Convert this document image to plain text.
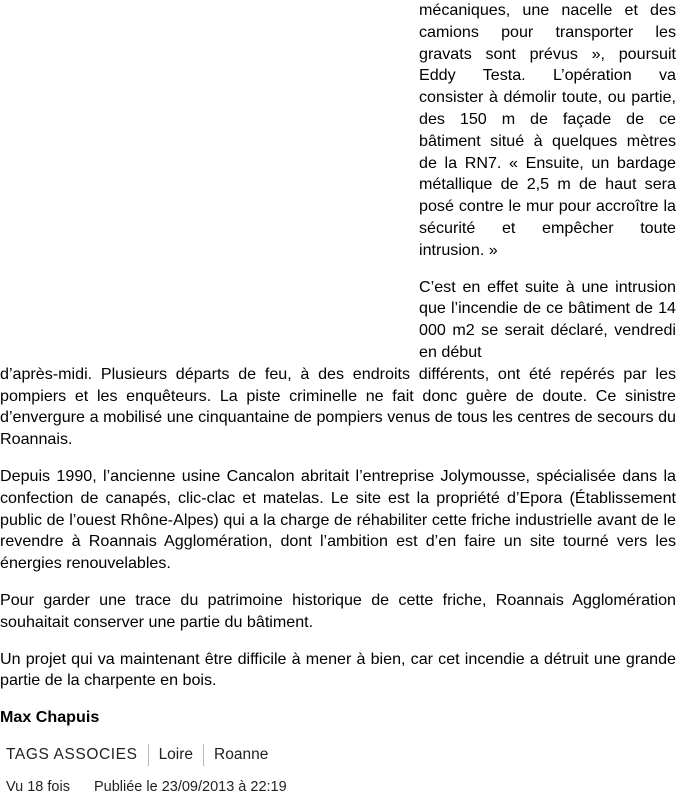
mécaniques, une nacelle et des camions pour transporter les gravats sont prévus », poursuit Eddy Testa. L’opération va consister à démolir toute, ou partie, des 150 m de façade de ce bâtiment situé à quelques mètres de la RN7. « Ensuite, un bardage métallique de 2,5 m de haut sera posé contre le mur pour accroître la sécurité et empêcher toute intrusion. »

C’est en effet suite à une intrusion que l’incendie de ce bâtiment de 14 000 m2 se serait déclaré, vendredi en début

d’après-midi. Plusieurs départs de feu, à des endroits différents, ont été repérés par les pompiers et les enquêteurs. La piste criminelle ne fait donc guère de doute. Ce sinistre d’envergure a mobilisé une cinquantaine de pompiers venus de tous les centres de secours du Roannais.

Depuis 1990, l’ancienne usine Cancalon abritait l’entreprise Jolymousse, spécialisée dans la confection de canapés, clic-clac et matelas. Le site est la propriété d’Epora (Établissement public de l’ouest Rhône-Alpes) qui a la charge de réhabiliter cette friche industrielle avant de le revendre à Roannais Agglomération, dont l’ambition est d’en faire un site tourné vers les énergies renouvelables.

Pour garder une trace du patrimoine historique de cette friche, Roannais Agglomération souhaitait conserver une partie du bâtiment.

Un projet qui va maintenant être difficile à mener à bien, car cet incendie a détruit une grande partie de la charpente en bois.

Max Chapuis

TAGS ASSOCIES	Loire	Roanne
Vu 18 fois Publiée le 23/09/2013 à 22:19
